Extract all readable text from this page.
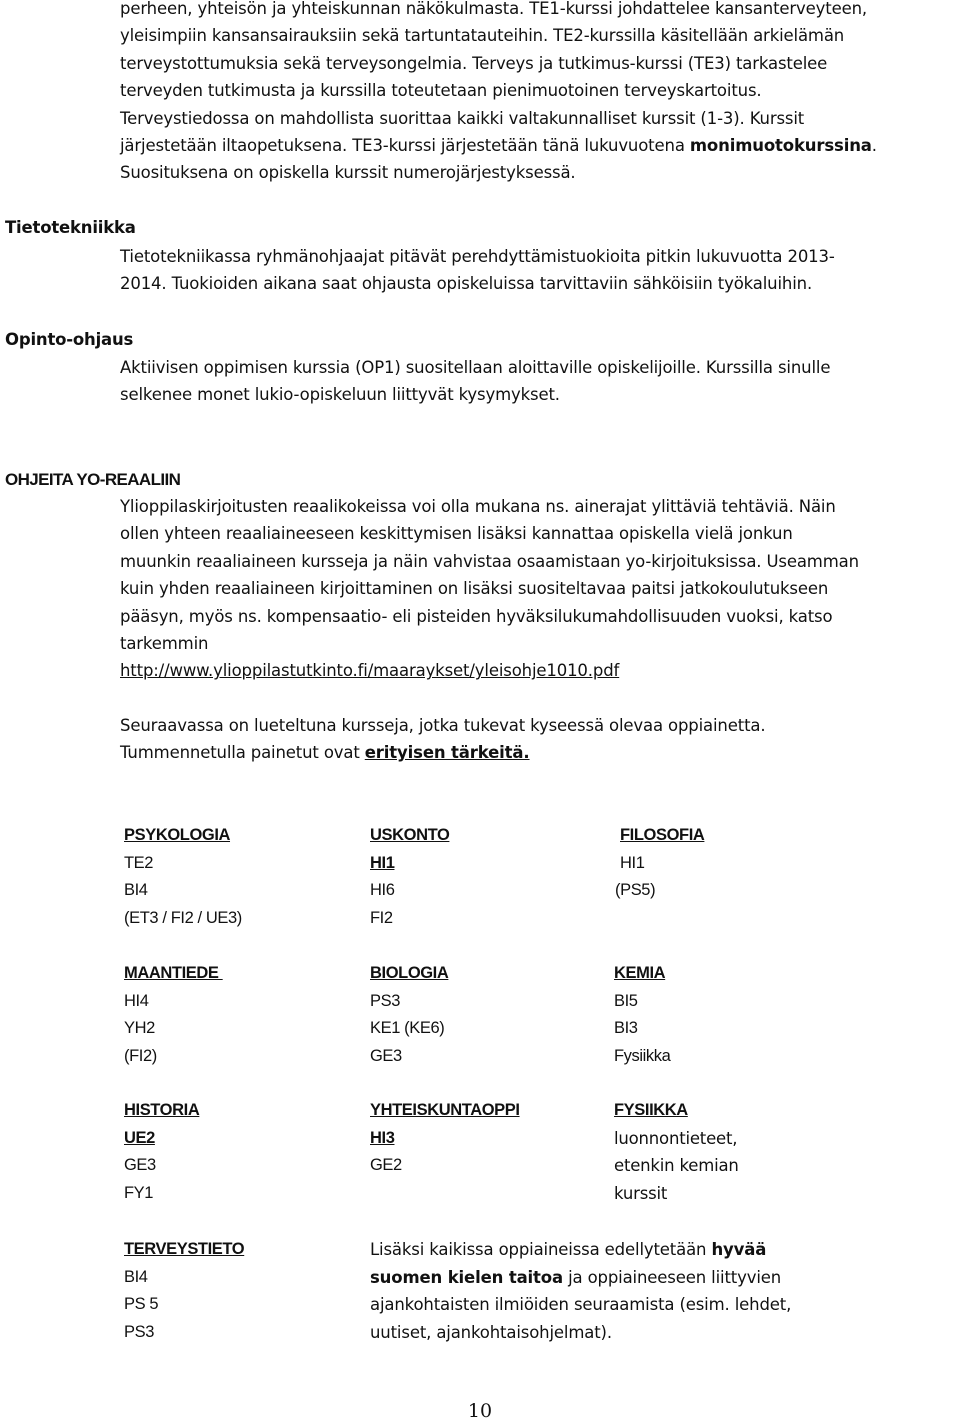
perheen, yhteisön ja yhteiskunnan näkökulmasta. TE1-kurssi johdattelee kansanterveyteen,
yleisimpiin kansansairauksiin sekä tartuntatauteihin. TE2-kurssilla käsitellään arkielämän
terveystottumuksia sekä terveysongelmia. Terveys ja tutkimus-kurssi (TE3) tarkastelee
terveyden tutkimusta ja kurssilla toteutetaan pienimuotoinen terveyskartoitus.
Terveystiedossa on mahdollista suorittaa kaikki valtakunnalliset kurssit (1-3). Kurssit
järjestetään iltaopetuksena. TE3-kurssi järjestetään tänä lukuvuotena monimuotokurssina.
Suosituksena on opiskella kurssit numerojärjestyksessä.
Tietotekniikka
Tietotekniikassa ryhmänohjaajat pitävät perehdyttämistuokioita pitkin lukuvuotta 2013-
2014. Tuokioiden aikana saat ohjausta opiskeluissa tarvittaviin sähköisiin työkaluihin.
Opinto-ohjaus
Aktiivisen oppimisen kurssia (OP1) suositellaan aloittaville opiskelijoille. Kurssilla sinulle
selkenee monet lukio-opiskeluun liittyvät kysymykset.
OHJEITA YO-REAALIIN
Ylioppilaskirjoitusten reaalikokeissa voi olla mukana ns. ainerajat ylittäviä tehtäviä. Näin
ollen yhteen reaaliaineeseen keskittymisen lisäksi kannattaa opiskella vielä jonkun
muunkin reaaliaineen kursseja ja näin vahvistaa osaamistaan yo-kirjoituksissa. Useamman
kuin yhden reaaliaineen kirjoittaminen on lisäksi suositeltavaa paitsi jatkokoulutukseen
pääsyn, myös ns. kompensaatio- eli pisteiden hyväksilukumahdollisuuden vuoksi, katso
tarkemmin
http://www.ylioppilastutkinto.fi/maaraykset/yleisohje1010.pdf
Seuraavassa on lueteltuna kursseja, jotka tukevat kyseessä olevaa oppiainetta.
Tummennetulla painetut ovat erityisen tärkeitä.
PSYKOLOGIA
TE2
BI4
(ET3 / FI2 / UE3)
USKONTO
HI1
HI6
FI2
FILOSOFIA
HI1
(PS5)
MAANTIEDE
HI4
YH2
(FI2)
BIOLOGIA
PS3
KE1 (KE6)
GE3
KEMIA
BI5
BI3
Fysiikka
HISTORIA
UE2
GE3
FY1
YHTEISKUNTAOPPI
HI3
GE2
FYSIIKKA
luonnontieteet,
etenkin kemian
kurssit
TERVEYSTIETO
BI4
PS 5
PS3
Lisäksi kaikissa oppiaineissa edellytetään hyvää
suomen kielen taitoa ja oppiaineeseen liittyvien
ajankohtaisten ilmiöiden seuraamista (esim. lehdet,
uutiset, ajankohtaisohjelmat).
10
